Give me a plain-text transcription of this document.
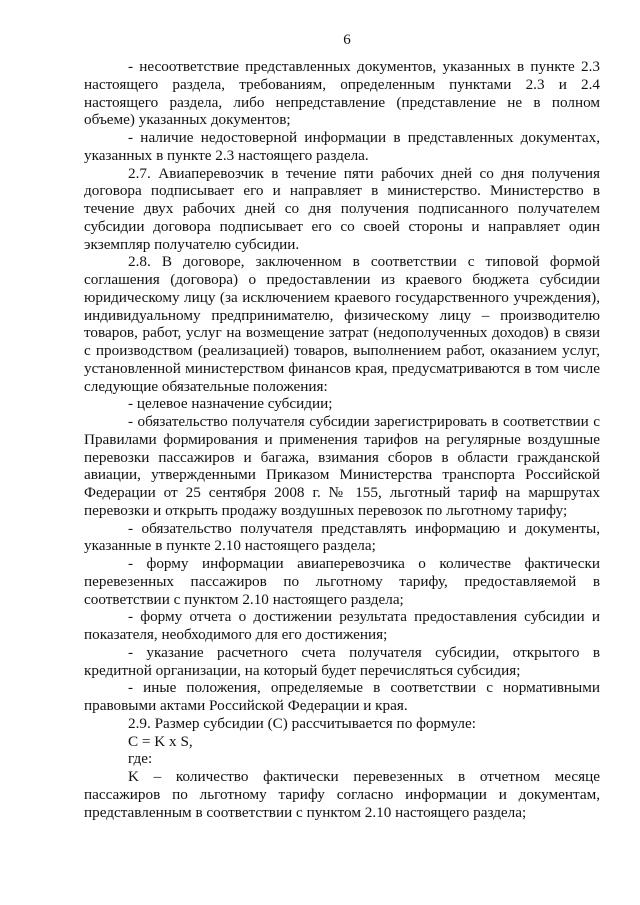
6

- несоответствие представленных документов, указанных в пункте 2.3 настоящего раздела, требованиям, определенным пунктами 2.3 и 2.4 настоящего раздела, либо непредставление (представление не в полном объеме) указанных документов;

- наличие недостоверной информации в представленных документах, указанных в пункте 2.3 настоящего раздела.

2.7. Авиаперевозчик в течение пяти рабочих дней со дня получения договора подписывает его и направляет в министерство. Министерство в течение двух рабочих дней со дня получения подписанного получателем субсидии договора подписывает его со своей стороны и направляет один экземпляр получателю субсидии.

2.8. В договоре, заключенном в соответствии с типовой формой соглашения (договора) о предоставлении из краевого бюджета субсидии юридическому лицу (за исключением краевого государственного учреждения), индивидуальному предпринимателю, физическому лицу – производителю товаров, работ, услуг на возмещение затрат (недополученных доходов) в связи с производством (реализацией) товаров, выполнением работ, оказанием услуг, установленной министерством финансов края, предусматриваются в том числе следующие обязательные положения:

- целевое назначение субсидии;

- обязательство получателя субсидии зарегистрировать в соответствии с Правилами формирования и применения тарифов на регулярные воздушные перевозки пассажиров и багажа, взимания сборов в области гражданской авиации, утвержденными Приказом Министерства транспорта Российской Федерации от 25 сентября 2008 г. № 155, льготный тариф на маршрутах перевозки и открыть продажу воздушных перевозок по льготному тарифу;

- обязательство получателя представлять информацию и документы, указанные в пункте 2.10 настоящего раздела;

- форму информации авиаперевозчика о количестве фактически перевезенных пассажиров по льготному тарифу, предоставляемой в соответствии с пунктом 2.10 настоящего раздела;

- форму отчета о достижении результата предоставления субсидии и показателя, необходимого для его достижения;

- указание расчетного счета получателя субсидии, открытого в кредитной организации, на который будет перечисляться субсидия;

- иные положения, определяемые в соответствии с нормативными правовыми актами Российской Федерации и края.

2.9. Размер субсидии (С) рассчитывается по формуле:

С = K x S,

где:

K – количество фактически перевезенных в отчетном месяце пассажиров по льготному тарифу согласно информации и документам, представленным в соответствии с пунктом 2.10 настоящего раздела;
